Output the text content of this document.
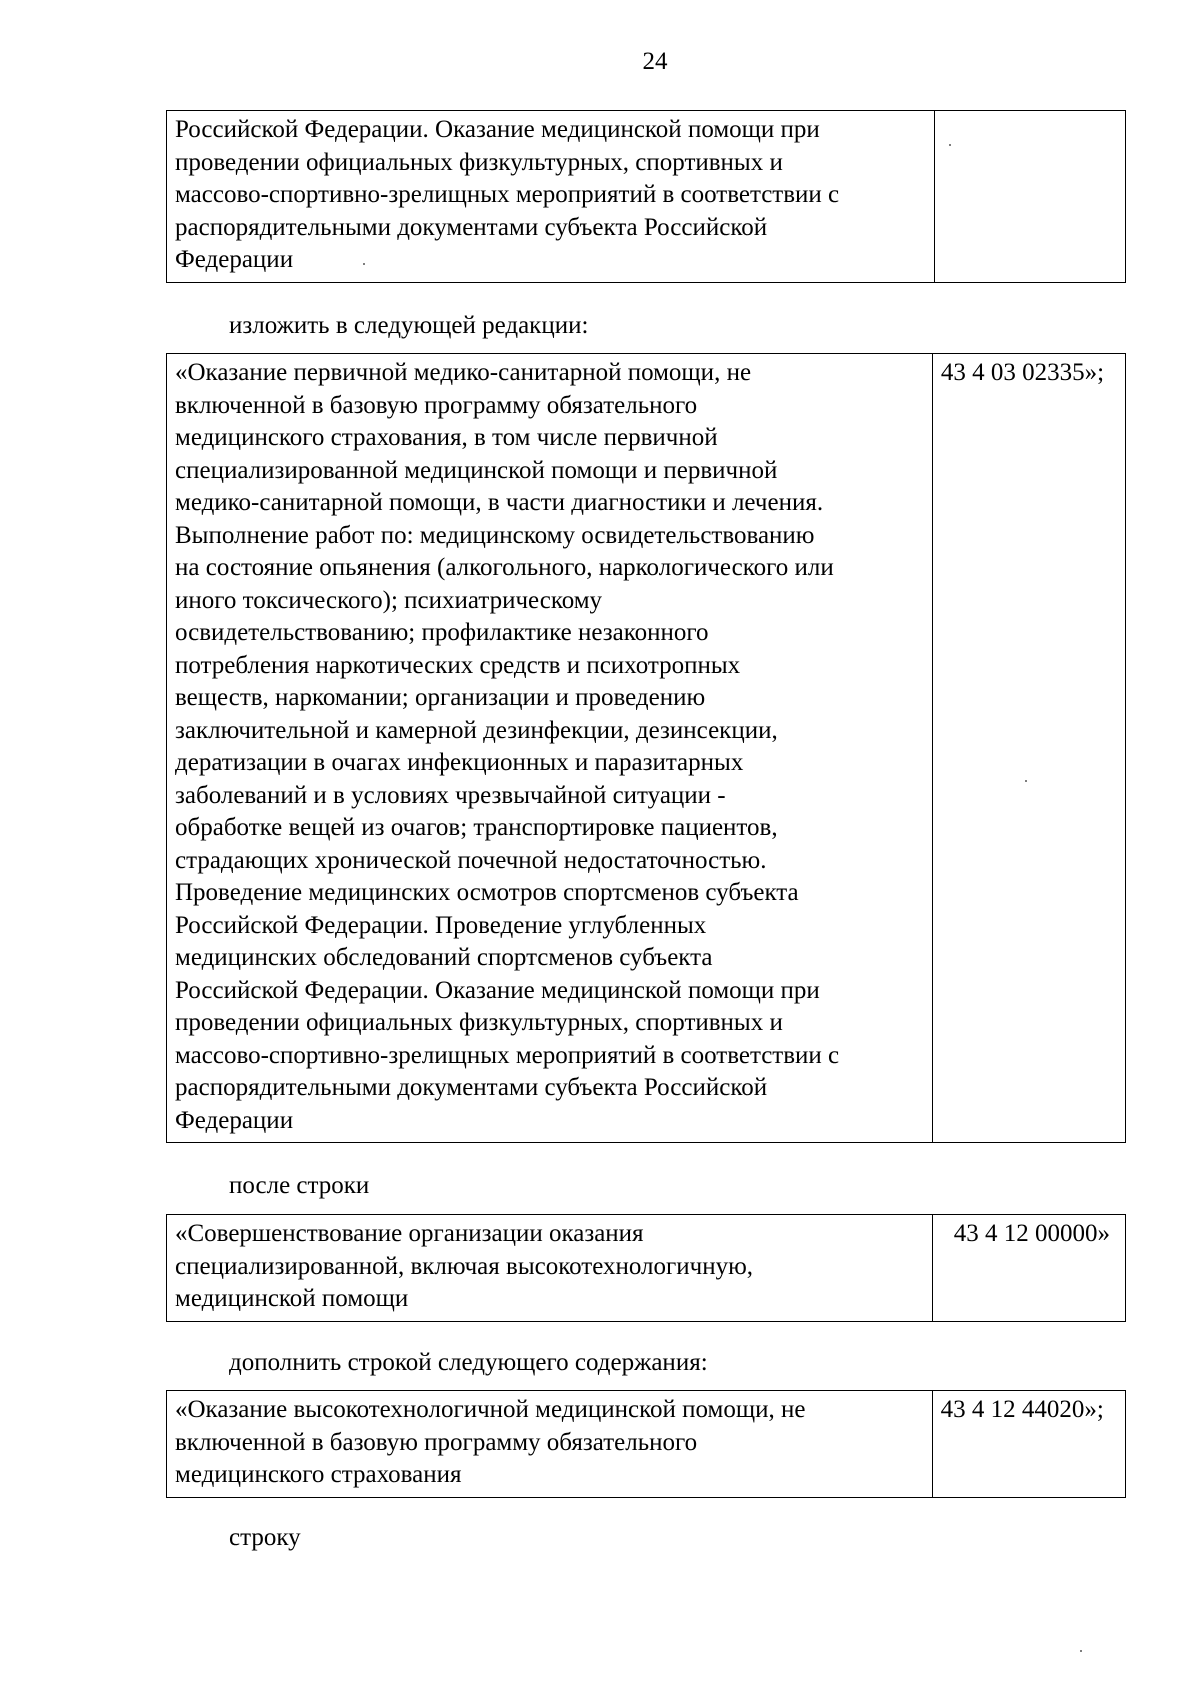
24
Российской Федерации. Оказание медицинской помощи при
проведении официальных физкультурных, спортивных и
массово-спортивно-зрелищных мероприятий в соответствии с
распорядительными документами субъекта Российской
Федерации

изложить в следующей редакции:
«Оказание первичной медико-санитарной помощи, не
включенной в базовую программу обязательного
медицинского страхования, в том числе первичной
специализированной медицинской помощи и первичной
медико-санитарной помощи, в части диагностики и лечения.
Выполнение работ по: медицинскому освидетельствованию
на состояние опьянения (алкогольного, наркологического или
иного токсического); психиатрическому
освидетельствованию; профилактике незаконного
потребления наркотических средств и психотропных
веществ, наркомании; организации и проведению
заключительной и камерной дезинфекции, дезинсекции,
дератизации в очагах инфекционных и паразитарных
заболеваний и в условиях чрезвычайной ситуации -
обработке вещей из очагов; транспортировке пациентов,
страдающих хронической почечной недостаточностью.
Проведение медицинских осмотров спортсменов субъекта
Российской Федерации. Проведение углубленных
медицинских обследований спортсменов субъекта
Российской Федерации. Оказание медицинской помощи при
проведении официальных физкультурных, спортивных и
массово-спортивно-зрелищных мероприятий в соответствии с
распорядительными документами субъекта Российской
Федерации
	43 4 03 02335»;
после строки
«Совершенствование организации оказания
специализированной, включая высокотехнологичную,
медицинской помощи
	43 4 12 00000»
дополнить строкой следующего содержания:
«Оказание высокотехнологичной медицинской помощи, не
включенной в базовую программу обязательного
медицинского страхования
	43 4 12 44020»;
строку
